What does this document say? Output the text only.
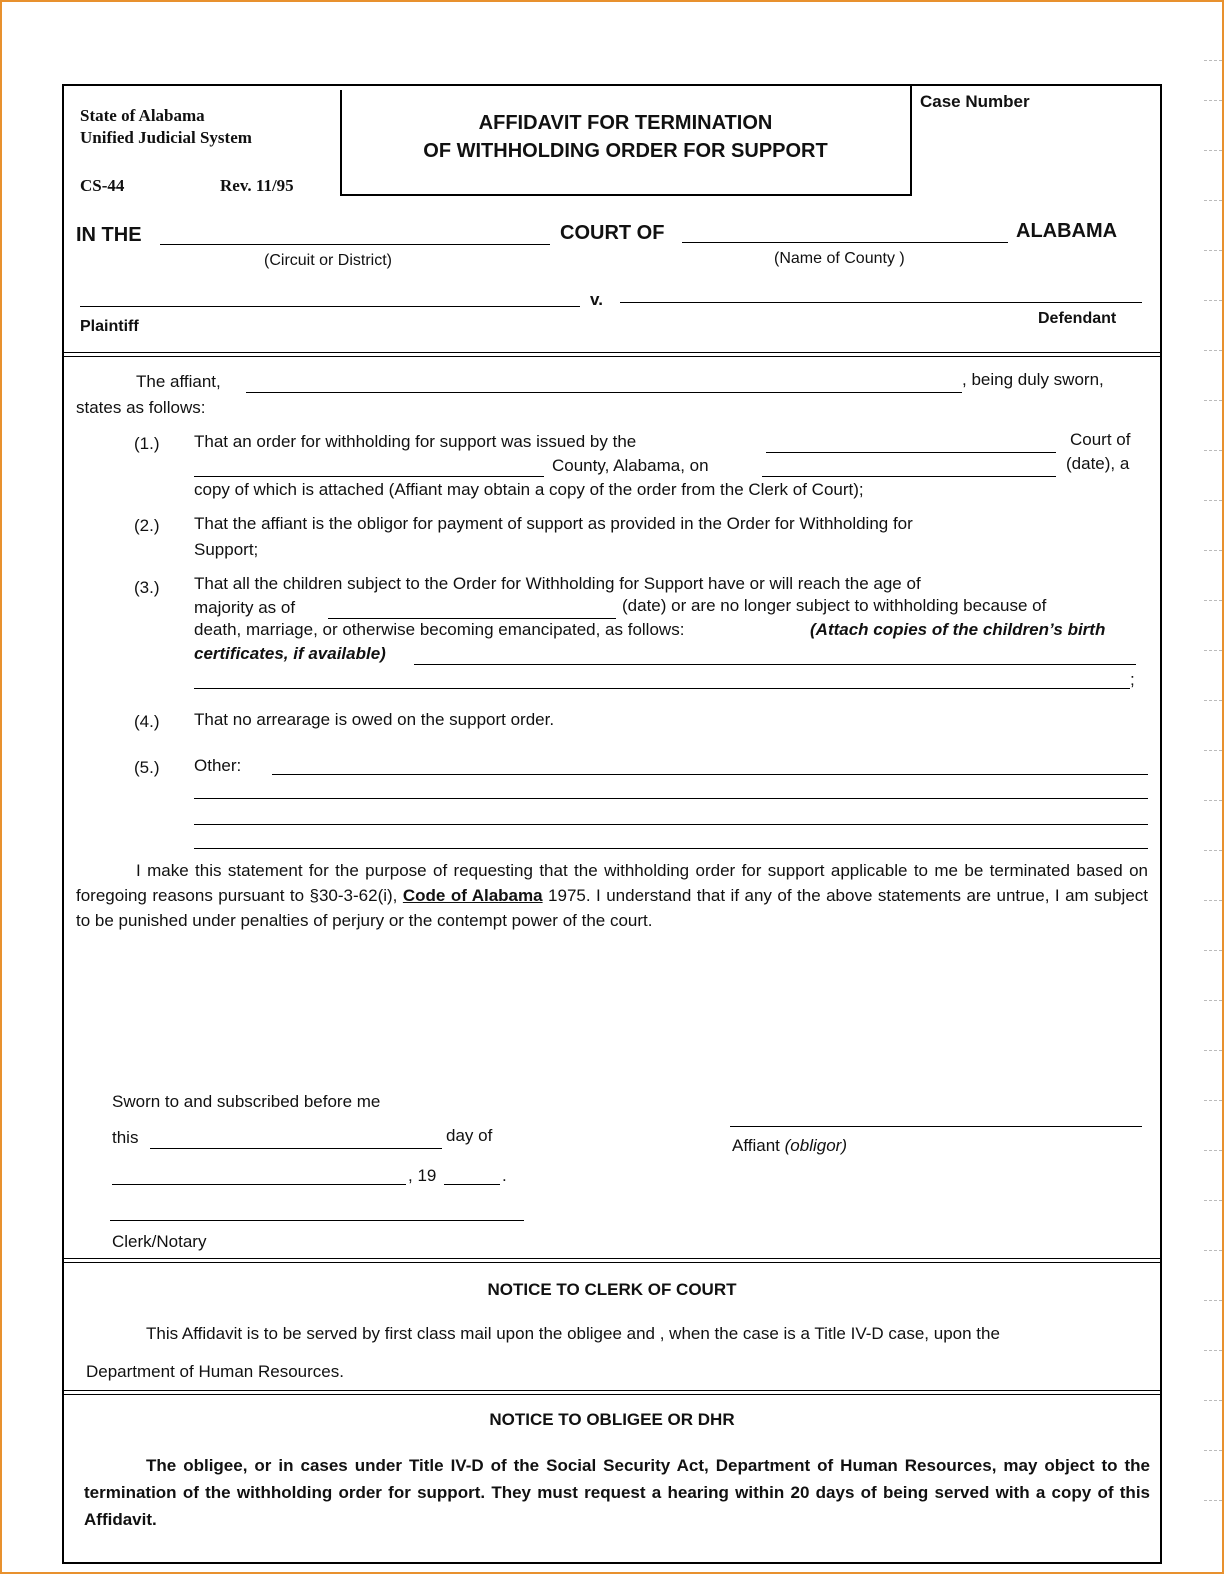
State of Alabama
Unified Judicial System
CS-44	Rev. 11/95
AFFIDAVIT FOR TERMINATION
OF WITHHOLDING ORDER FOR SUPPORT
Case Number
IN THE	COURT OF	ALABAMA
(Circuit or District)	(Name of County )
v.
Plaintiff	Defendant
The affiant,	, being duly sworn,
states as follows:
(1.) That an order for withholding for support was issued by the	Court of
County, Alabama, on	(date), a
copy of which is attached (Affiant may obtain a copy of the order from the Clerk of Court);
(2.) That the affiant is the obligor for payment of support as provided in the Order for Withholding for
Support;
(3.) That all the children subject to the Order for Withholding for Support have or will reach the age of
majority as of	(date) or are no longer subject to withholding because of
death, marriage, or otherwise becoming emancipated, as follows:	(Attach copies of the children’s birth
certificates, if available)
;
(4.) That no arrearage is owed on the support order.
(5.) Other:
I make this statement for the purpose of requesting that the withholding order for support applicable to me be terminated based on foregoing reasons pursuant to §30-3-62(i), Code of Alabama 1975. I understand that if any of the above statements are untrue, I am subject to be punished under penalties of perjury or the contempt power of the court.
Sworn to and subscribed before me
this	day of
, 19	.
Clerk/Notary
Affiant (obligor)
NOTICE TO CLERK OF COURT
This Affidavit is to be served by first class mail upon the obligee and , when the case is a Title IV-D case, upon the
Department of Human Resources.
NOTICE TO OBLIGEE OR DHR
The obligee, or in cases under Title IV-D of the Social Security Act, Department of Human Resources, may object to the termination of the withholding order for support. They must request a hearing within 20 days of being served with a copy of this Affidavit.
